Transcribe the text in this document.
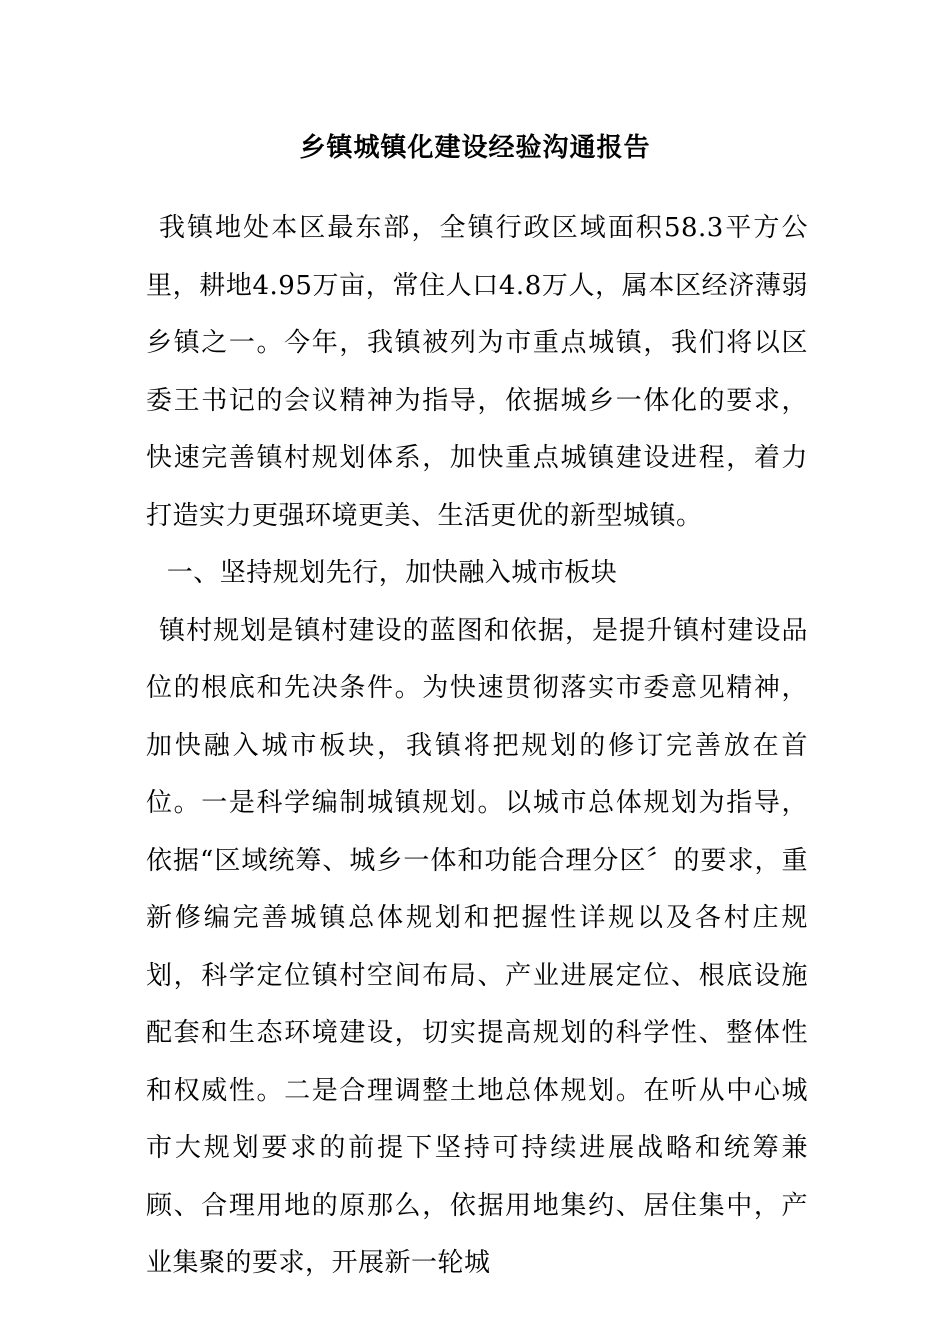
乡镇城镇化建设经验沟通报告

我镇地处本区最东部，全镇行政区域面积58.3平方公里，耕地4.95万亩，常住人口4.8万人，属本区经济薄弱乡镇之一。今年，我镇被列为市重点城镇，我们将以区委王书记的会议精神为指导，依据城乡一体化的要求，快速完善镇村规划体系，加快重点城镇建设进程，着力打造实力更强环境更美、生活更优的新型城镇。

一、坚持规划先行，加快融入城市板块

镇村规划是镇村建设的蓝图和依据，是提升镇村建设品位的根底和先决条件。为快速贯彻落实市委意见精神，加快融入城市板块，我镇将把规划的修订完善放在首位。一是科学编制城镇规划。以城市总体规划为指导，依据“区域统筹、城乡一体和功能合理分区〞的要求，重新修编完善城镇总体规划和把握性详规以及各村庄规划，科学定位镇村空间布局、产业进展定位、根底设施配套和生态环境建设，切实提高规划的科学性、整体性和权威性。二是合理调整土地总体规划。在听从中心城市大规划要求的前提下坚持可持续进展战略和统筹兼顾、合理用地的原那么，依据用地集约、居住集中，产业集聚的要求，开展新一轮城
